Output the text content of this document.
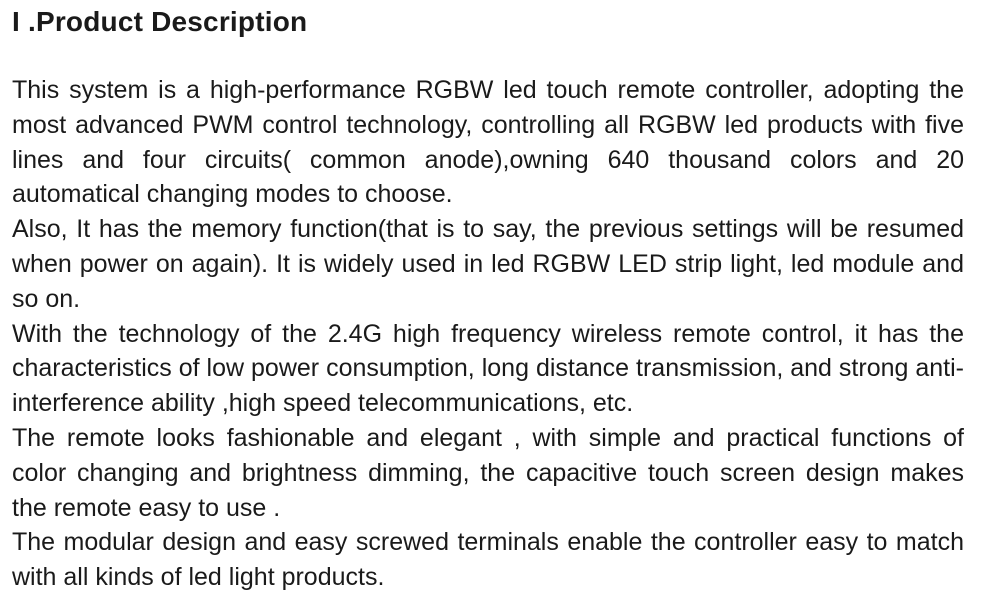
I .Product Description

This system is a high-performance RGBW led touch remote controller, adopting the most advanced PWM control technology, controlling all RGBW led products with five lines and four circuits( common anode),owning 640 thousand colors and 20 automatical changing modes to choose.

Also, It has the memory function(that is to say, the previous settings will be resumed when power on again). It is widely used in led RGBW LED strip light, led module and so on.

With the technology of the 2.4G high frequency wireless remote control, it has the characteristics of low power consumption, long distance transmission, and strong anti-interference ability ,high speed telecommunications, etc.

The remote looks fashionable and elegant , with simple and practical functions of color changing and brightness dimming, the capacitive touch screen design makes the remote easy to use .

The modular design and easy screwed terminals enable the controller easy to match with all kinds of led light products.
